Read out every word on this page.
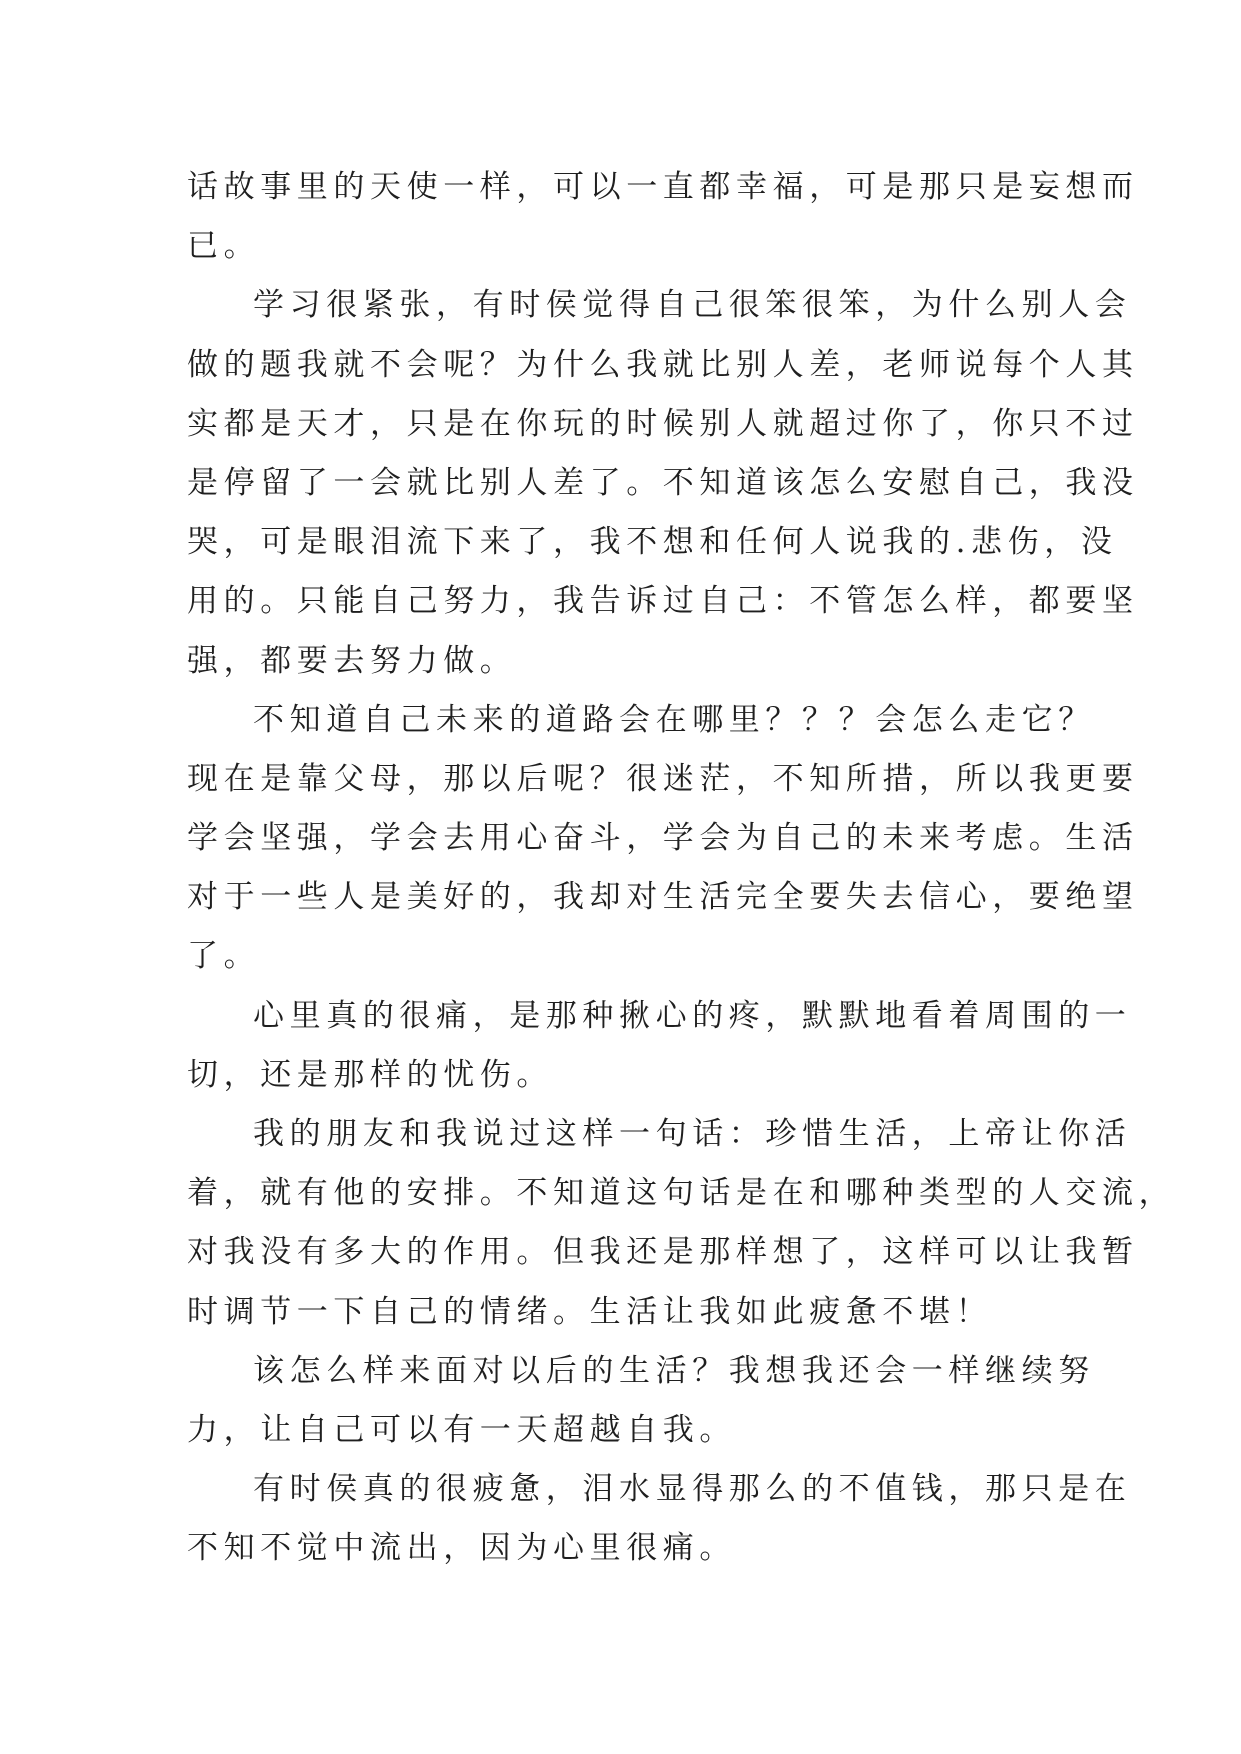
话故事里的天使一样，可以一直都幸福，可是那只是妄想而
已。

学习很紧张，有时侯觉得自己很笨很笨，为什么别人会
做的题我就不会呢？为什么我就比别人差，老师说每个人其
实都是天才，只是在你玩的时候别人就超过你了，你只不过
是停留了一会就比别人差了。不知道该怎么安慰自己，我没
哭，可是眼泪流下来了，我不想和任何人说我的.悲伤，没
用的。只能自己努力，我告诉过自己：不管怎么样，都要坚
强，都要去努力做。

不知道自己未来的道路会在哪里？？？会怎么走它？
现在是靠父母，那以后呢？很迷茫，不知所措，所以我更要
学会坚强，学会去用心奋斗，学会为自己的未来考虑。生活
对于一些人是美好的，我却对生活完全要失去信心，要绝望
了。

心里真的很痛，是那种揪心的疼，默默地看着周围的一
切，还是那样的忧伤。

我的朋友和我说过这样一句话：珍惜生活，上帝让你活
着，就有他的安排。不知道这句话是在和哪种类型的人交流，
对我没有多大的作用。但我还是那样想了，这样可以让我暂
时调节一下自己的情绪。生活让我如此疲惫不堪！

该怎么样来面对以后的生活？我想我还会一样继续努
力，让自己可以有一天超越自我。

有时侯真的很疲惫，泪水显得那么的不值钱，那只是在
不知不觉中流出，因为心里很痛。
